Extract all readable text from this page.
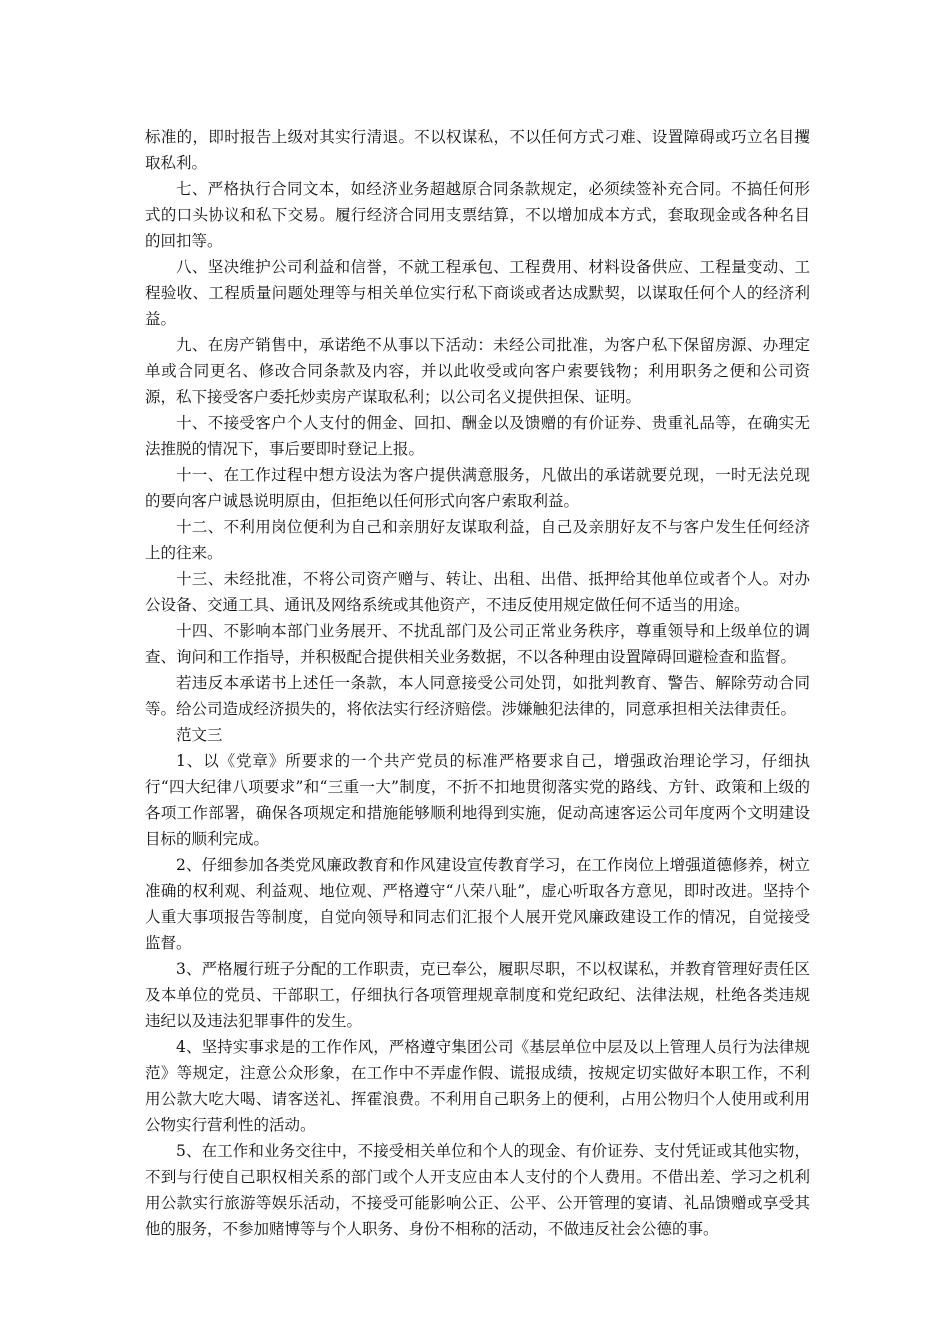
标准的，即时报告上级对其实行清退。不以权谋私，不以任何方式刁难、设置障碍或巧立名目攫取私利。

七、严格执行合同文本，如经济业务超越原合同条款规定，必须续签补充合同。不搞任何形式的口头协议和私下交易。履行经济合同用支票结算，不以增加成本方式，套取现金或各种名目的回扣等。

八、坚决维护公司利益和信誉，不就工程承包、工程费用、材料设备供应、工程量变动、工程验收、工程质量问题处理等与相关单位实行私下商谈或者达成默契，以谋取任何个人的经济利益。

九、在房产销售中，承诺绝不从事以下活动：未经公司批准，为客户私下保留房源、办理定单或合同更名、修改合同条款及内容，并以此收受或向客户索要钱物；利用职务之便和公司资源，私下接受客户委托炒卖房产谋取私利；以公司名义提供担保、证明。

十、不接受客户个人支付的佣金、回扣、酬金以及馈赠的有价证券、贵重礼品等，在确实无法推脱的情况下，事后要即时登记上报。

十一、在工作过程中想方设法为客户提供满意服务，凡做出的承诺就要兑现，一时无法兑现的要向客户诚恳说明原由，但拒绝以任何形式向客户索取利益。

十二、不利用岗位便利为自己和亲朋好友谋取利益，自己及亲朋好友不与客户发生任何经济上的往来。

十三、未经批准，不将公司资产赠与、转让、出租、出借、抵押给其他单位或者个人。对办公设备、交通工具、通讯及网络系统或其他资产，不违反使用规定做任何不适当的用途。

十四、不影响本部门业务展开、不扰乱部门及公司正常业务秩序，尊重领导和上级单位的调查、询问和工作指导，并积极配合提供相关业务数据，不以各种理由设置障碍回避检查和监督。

若违反本承诺书上述任一条款，本人同意接受公司处罚，如批判教育、警告、解除劳动合同等。给公司造成经济损失的，将依法实行经济赔偿。涉嫌触犯法律的，同意承担相关法律责任。

范文三

1、以《党章》所要求的一个共产党员的标准严格要求自己，增强政治理论学习，仔细执行“四大纪律八项要求”和“三重一大”制度，不折不扣地贯彻落实党的路线、方针、政策和上级的各项工作部署，确保各项规定和措施能够顺利地得到实施，促动高速客运公司年度两个文明建设目标的顺利完成。

2、仔细参加各类党风廉政教育和作风建设宣传教育学习，在工作岗位上增强道德修养，树立准确的权利观、利益观、地位观、严格遵守“八荣八耻”，虚心听取各方意见，即时改进。坚持个人重大事项报告等制度，自觉向领导和同志们汇报个人展开党风廉政建设工作的情况，自觉接受监督。

3、严格履行班子分配的工作职责，克已奉公，履职尽职，不以权谋私，并教育管理好责任区及本单位的党员、干部职工，仔细执行各项管理规章制度和党纪政纪、法律法规，杜绝各类违规违纪以及违法犯罪事件的发生。

4、坚持实事求是的工作作风，严格遵守集团公司《基层单位中层及以上管理人员行为法律规范》等规定，注意公众形象，在工作中不弄虚作假、谎报成绩，按规定切实做好本职工作，不利用公款大吃大喝、请客送礼、挥霍浪费。不利用自己职务上的便利，占用公物归个人使用或利用公物实行营利性的活动。

5、在工作和业务交往中，不接受相关单位和个人的现金、有价证券、支付凭证或其他实物，不到与行使自己职权相关系的部门或个人开支应由本人支付的个人费用。不借出差、学习之机利用公款实行旅游等娱乐活动，不接受可能影响公正、公平、公开管理的宴请、礼品馈赠或享受其他的服务，不参加赌博等与个人职务、身份不相称的活动，不做违反社会公德的事。
